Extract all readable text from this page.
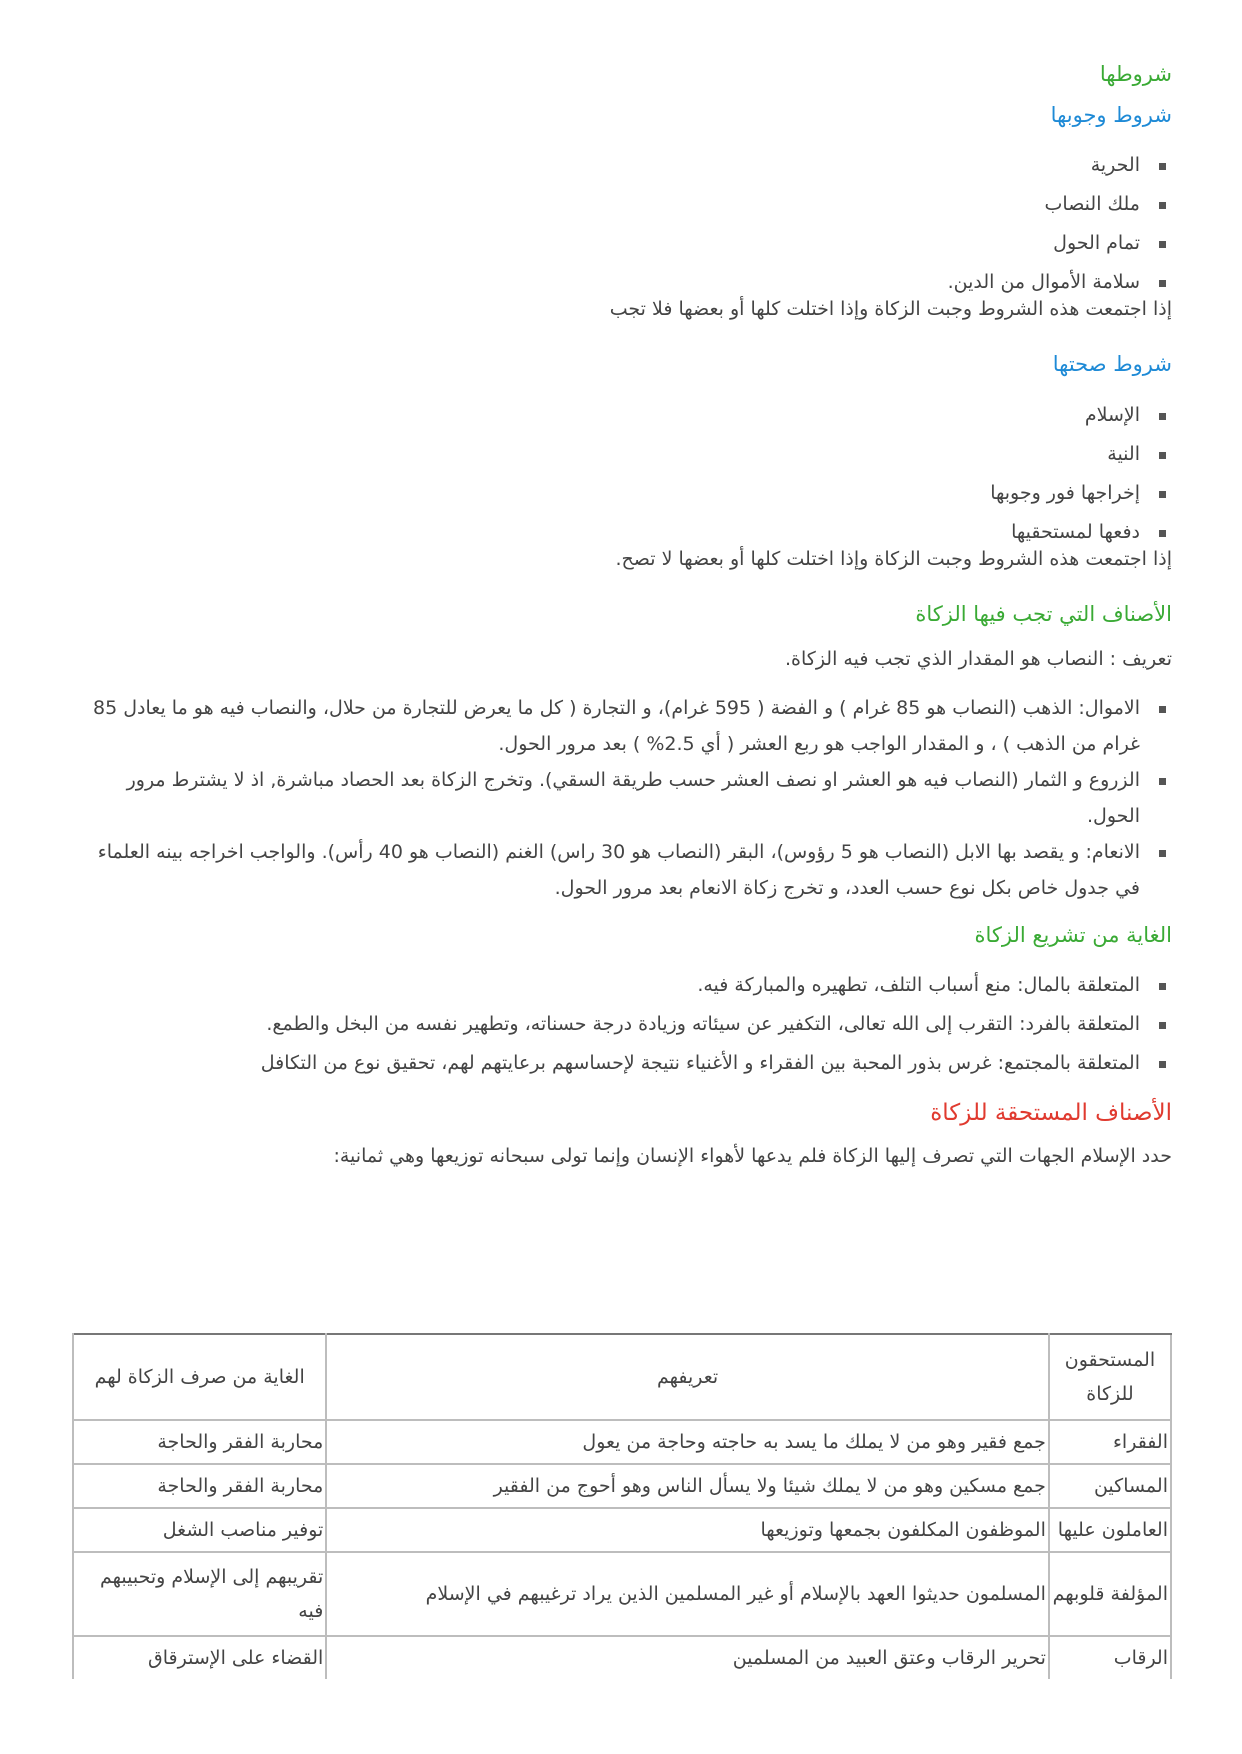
شروطها
شروط وجوبها
الحرية
ملك النصاب
تمام الحول
سلامة الأموال من الدين.

إذا اجتمعت هذه الشروط وجبت الزكاة وإذا اختلت كلها أو بعضها فلا تجب

شروط صحتها
الإسلام
النية
إخراجها فور وجوبها
دفعها لمستحقيها

إذا اجتمعت هذه الشروط وجبت الزكاة وإذا اختلت كلها أو بعضها لا تصح.

الأصناف التي تجب فيها الزكاة

تعريف : النصاب هو المقدار الذي تجب فيه الزكاة.

الاموال: الذهب (النصاب هو 85 غرام ) و الفضة ( 595 غرام)، و التجارة ( كل ما يعرض للتجارة من حلال، والنصاب فيه هو ما يعادل 85 غرام من الذهب ) ، و المقدار الواجب هو ربع العشر ( أي 2.5% ) بعد مرور الحول.
الزروع و الثمار (النصاب فيه هو العشر او نصف العشر حسب طريقة السقي). وتخرج الزكاة بعد الحصاد مباشرة, اذ لا يشترط مرور الحول.
الانعام: و يقصد بها الابل (النصاب هو 5 رؤوس)، البقر (النصاب هو 30 راس) الغنم (النصاب هو 40 رأس). والواجب اخراجه بينه العلماء في جدول خاص بكل نوع حسب العدد، و تخرج زكاة الانعام بعد مرور الحول.
الغاية من تشريع الزكاة
المتعلقة بالمال: منع أسباب التلف، تطهيره والمباركة فيه.
المتعلقة بالفرد: التقرب إلى الله تعالى، التكفير عن سيئاته وزيادة درجة حسناته، وتطهير نفسه من البخل والطمع.
المتعلقة بالمجتمع: غرس بذور المحبة بين الفقراء و الأغنياء نتيجة لإحساسهم برعايتهم لهم، تحقيق نوع من التكافل
الأصناف المستحقة للزكاة

حدد الإسلام الجهات التي تصرف إليها الزكاة فلم يدعها لأهواء الإنسان وإنما تولى سبحانه توزيعها وهي ثمانية:

المستحقون للزكاة	تعريفهم	الغاية من صرف الزكاة لهم
الفقراء	جمع فقير وهو من لا يملك ما يسد به حاجته وحاجة من يعول	محاربة الفقر والحاجة
المساكين	جمع مسكين وهو من لا يملك شيئا ولا يسأل الناس وهو أحوج من الفقير	محاربة الفقر والحاجة
العاملون عليها	الموظفون المكلفون بجمعها وتوزيعها	توفير مناصب الشغل
المؤلفة قلوبهم	المسلمون حديثوا العهد بالإسلام أو غير المسلمين الذين يراد ترغيبهم في الإسلام	تقريبهم إلى الإسلام وتحبيبهم فيه
الرقاب	تحرير الرقاب وعتق العبيد من المسلمين	القضاء على الإسترقاق
